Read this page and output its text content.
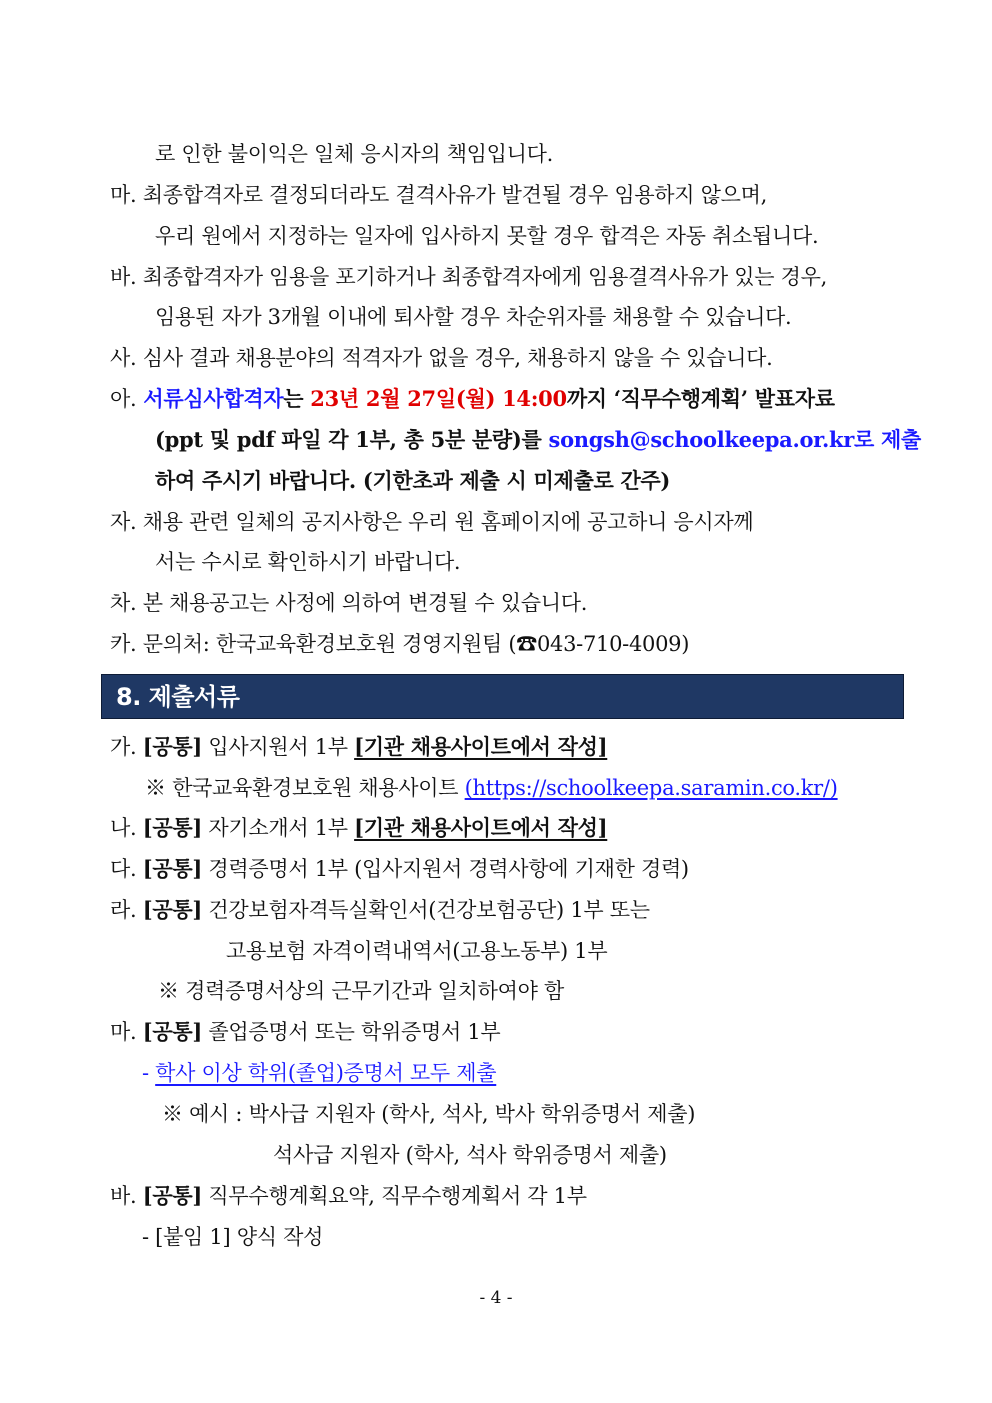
로 인한 불이익은 일체 응시자의 책임입니다.
마. 최종합격자로 결정되더라도 결격사유가 발견될 경우 임용하지 않으며,
우리 원에서 지정하는 일자에 입사하지 못할 경우 합격은 자동 취소됩니다.
바. 최종합격자가 임용을 포기하거나 최종합격자에게 임용결격사유가 있는 경우,
임용된 자가 3개월 이내에 퇴사할 경우 차순위자를 채용할 수 있습니다.
사. 심사 결과 채용분야의 적격자가 없을 경우, 채용하지 않을 수 있습니다.
아. 서류심사합격자는 23년 2월 27일(월) 14:00까지 ‘직무수행계획’ 발표자료
(ppt 및 pdf 파일 각 1부, 총 5분 분량)를 songsh@schoolkeepa.or.kr로 제출
하여 주시기 바랍니다. (기한초과 제출 시 미제출로 간주)
자. 채용 관련 일체의 공지사항은 우리 원 홈페이지에 공고하니 응시자께
서는 수시로 확인하시기 바랍니다.
차. 본 채용공고는 사정에 의하여 변경될 수 있습니다.
카. 문의처: 한국교육환경보호원 경영지원팀 (☎043-710-4009)
8. 제출서류
가. [공통] 입사지원서 1부 [기관 채용사이트에서 작성]
※ 한국교육환경보호원 채용사이트 (https://schoolkeepa.saramin.co.kr/)
나. [공통] 자기소개서 1부 [기관 채용사이트에서 작성]
다. [공통] 경력증명서 1부 (입사지원서 경력사항에 기재한 경력)
라. [공통] 건강보험자격득실확인서(건강보험공단) 1부 또는
고용보험 자격이력내역서(고용노동부) 1부
※ 경력증명서상의 근무기간과 일치하여야 함
마. [공통] 졸업증명서 또는 학위증명서 1부
- 학사 이상 학위(졸업)증명서 모두 제출
※ 예시 : 박사급 지원자 (학사, 석사, 박사 학위증명서 제출)
석사급 지원자 (학사, 석사 학위증명서 제출)
바. [공통] 직무수행계획요약, 직무수행계획서 각 1부
- [붙임 1] 양식 작성
- 4 -
